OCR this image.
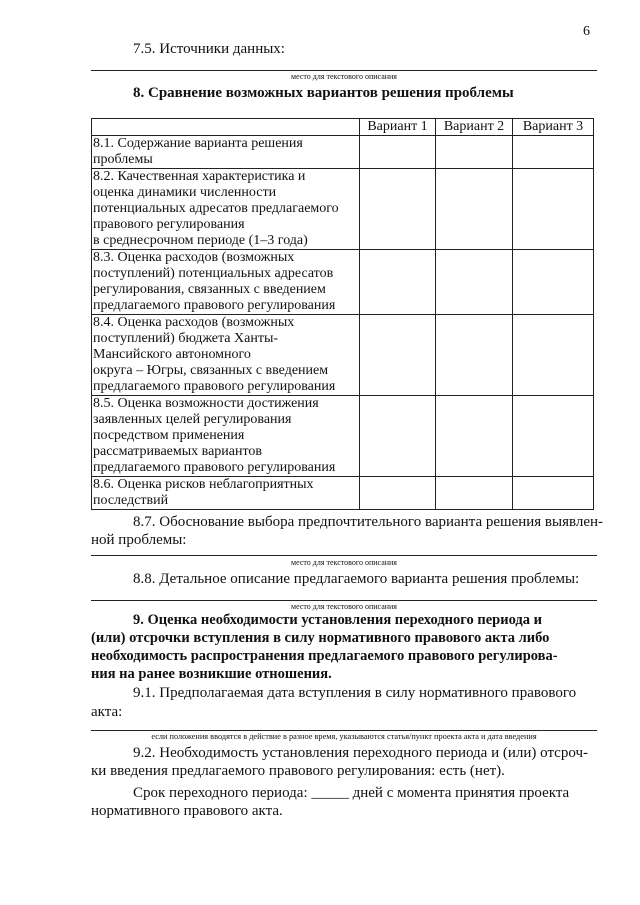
6
7.5. Источники данных:
место для текстового описания
8. Сравнение возможных вариантов решения проблемы
	Вариант 1	Вариант 2	Вариант 3

8.1. Содержание варианта решения
проблемы			

8.2. Качественная характеристика и
оценка динамики численности
потенциальных адресатов предлагаемого
правового регулирования
в среднесрочном периоде (1–3 года)			

8.3. Оценка расходов (возможных
поступлений) потенциальных адресатов
регулирования, связанных с введением
предлагаемого правового регулирования			

8.4. Оценка расходов (возможных
поступлений) бюджета Ханты-
Мансийского автономного
округа – Югры, связанных с введением
предлагаемого правового регулирования			

8.5. Оценка возможности достижения
заявленных целей регулирования
посредством применения
рассматриваемых вариантов
предлагаемого правового регулирования			

8.6. Оценка рисков неблагоприятных
последствий			

8.7. Обоснование выбора предпочтительного варианта решения выявлен-
ной проблемы:
место для текстового описания
8.8. Детальное описание предлагаемого варианта решения проблемы:
место для текстового описания
9. Оценка необходимости установления переходного периода и
(или) отсрочки вступления в силу нормативного правового акта либо
необходимость распространения предлагаемого правового регулирова-
ния на ранее возникшие отношения.
9.1. Предполагаемая дата вступления в силу нормативного правового
акта:
если положения вводятся в действие в разное время, указываются статья/пункт проекта акта и дата введения
9.2. Необходимость установления переходного периода и (или) отсроч-
ки введения предлагаемого правового регулирования: есть (нет).
Срок переходного периода: _____ дней с момента принятия проекта
нормативного правового акта.
